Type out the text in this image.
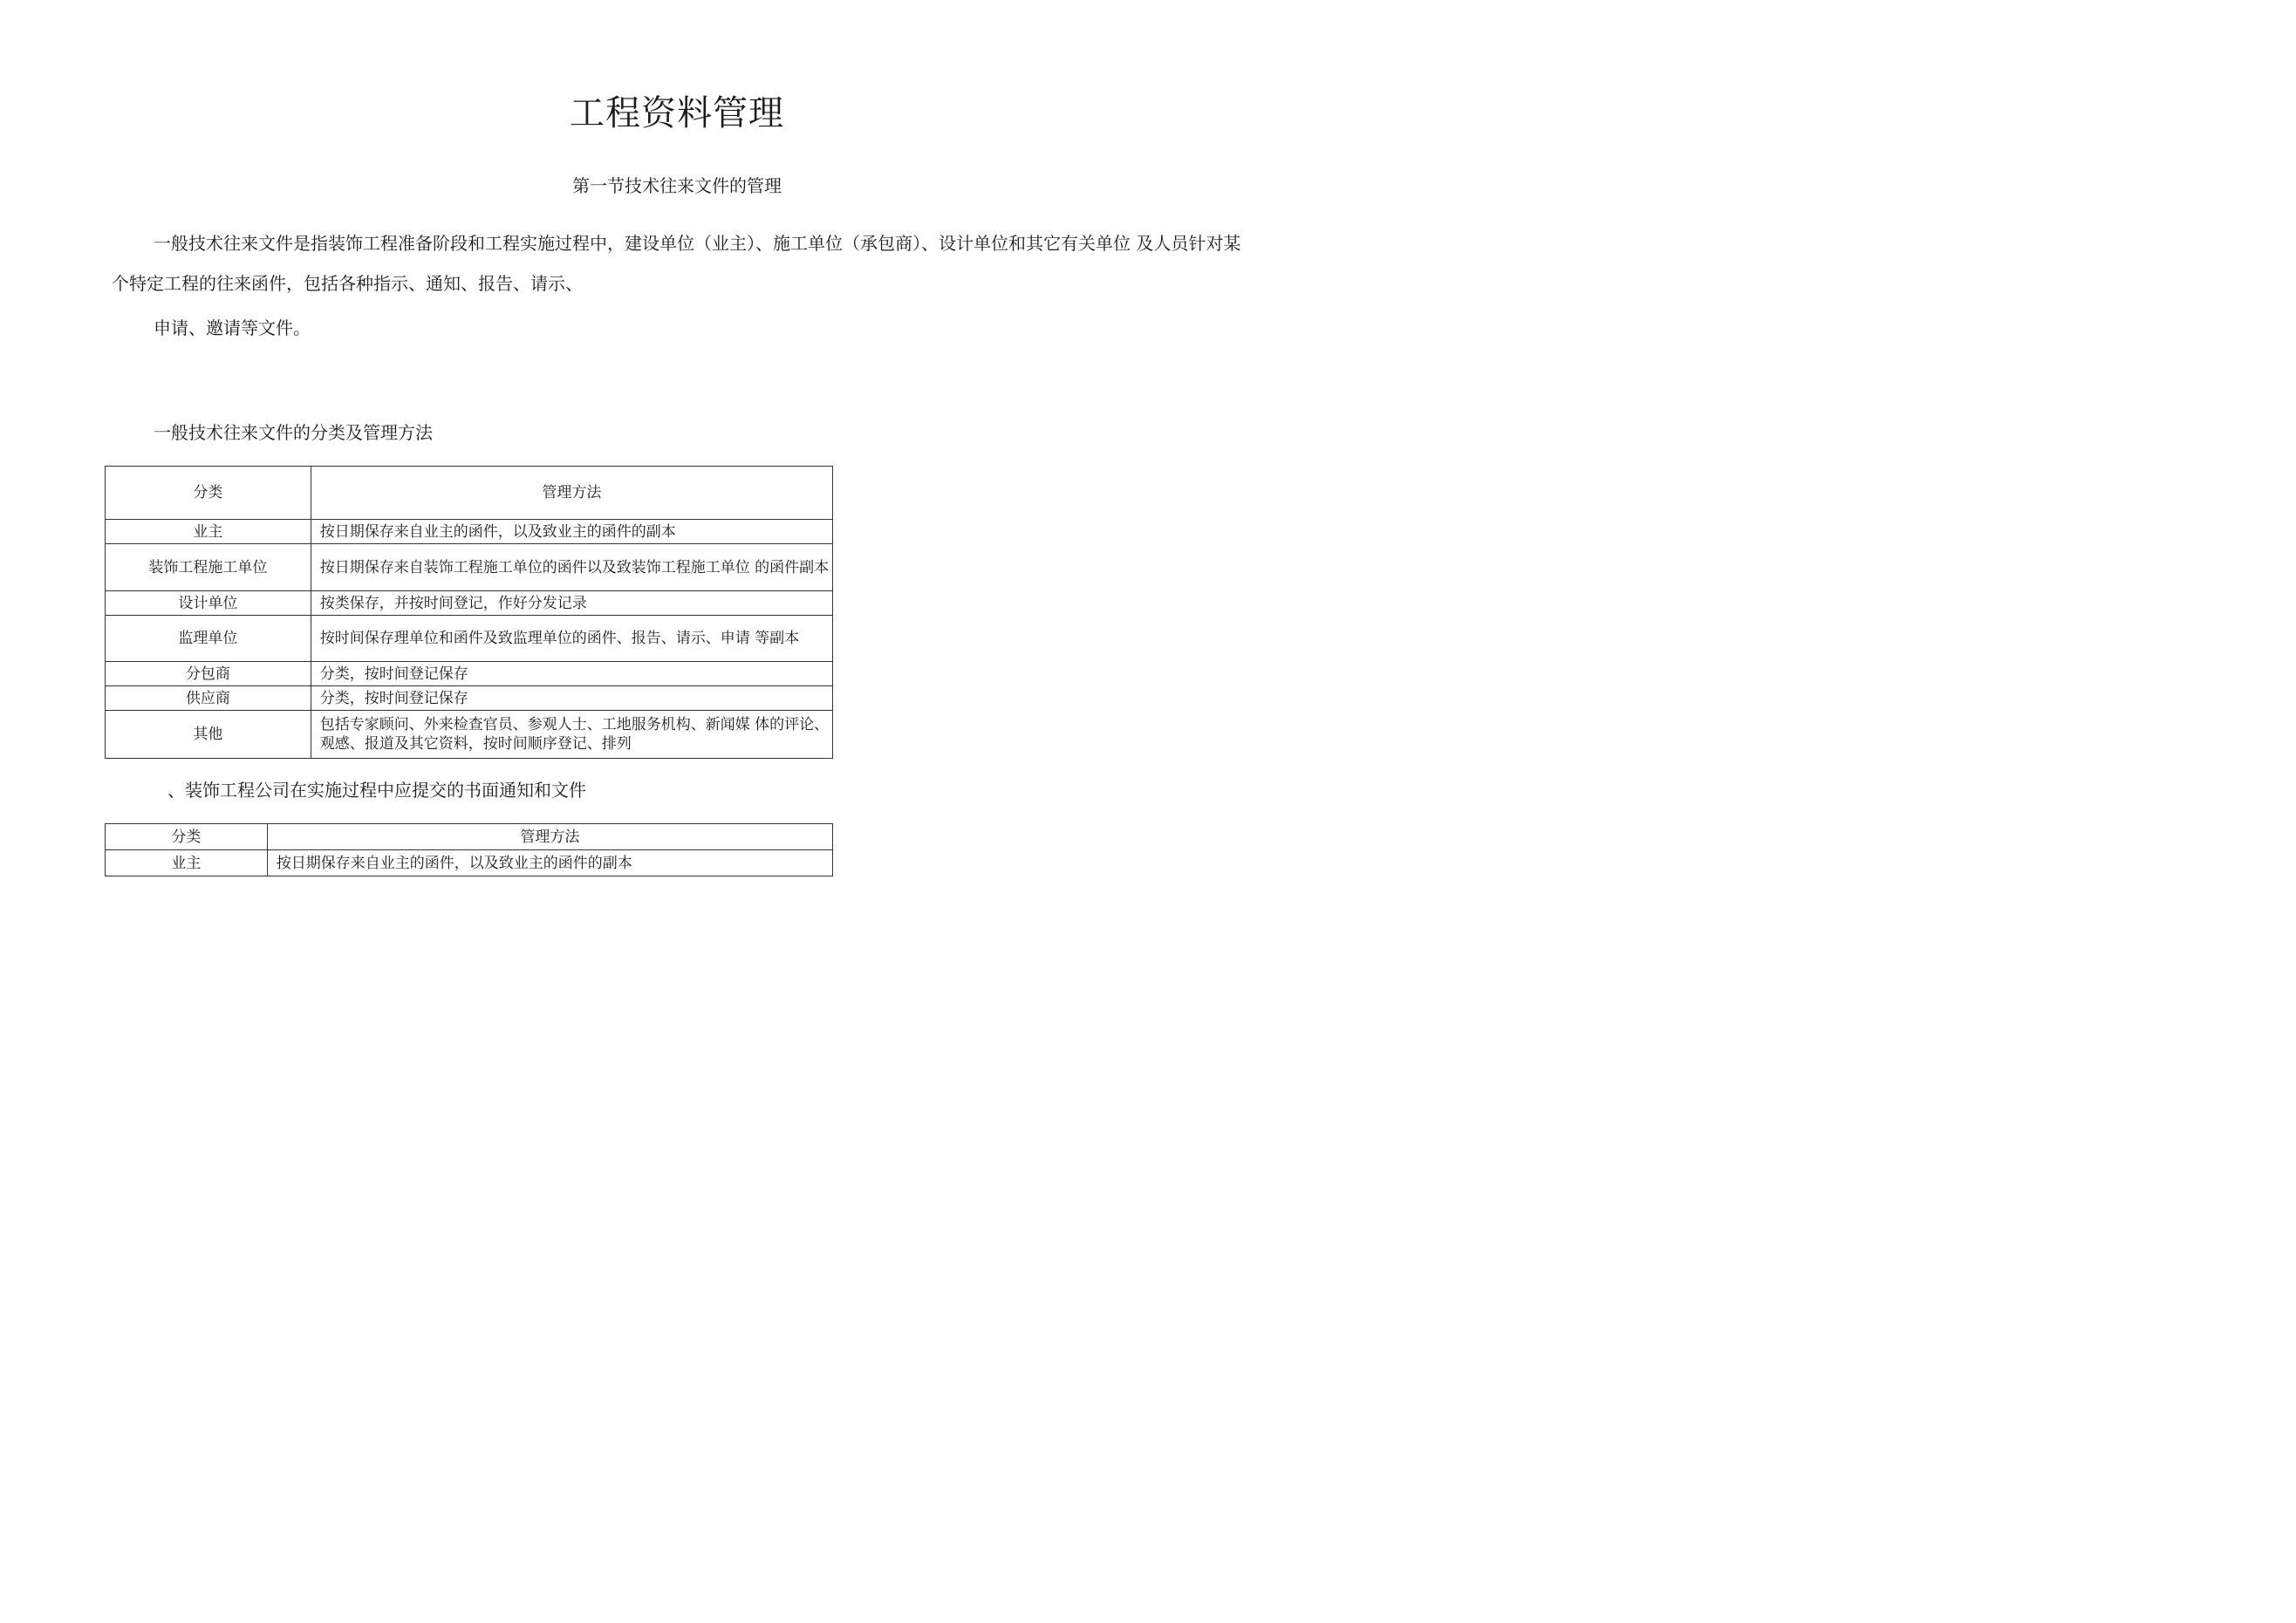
工程资料管理
第一节技术往来文件的管理
一般技术往来文件是指装饰工程准备阶段和工程实施过程中，建设单位（业主）、施工单位（承包商）、设计单位和其它有关单位 及人员针对某个特定工程的往来函件，包括各种指示、通知、报告、请示、
申请、邀请等文件。
一般技术往来文件的分类及管理方法
分类	管理方法
业主	按日期保存来自业主的函件，以及致业主的函件的副本
装饰工程施工单位	按日期保存来自装饰工程施工单位的函件以及致装饰工程施工单位 的函件副本
设计单位	按类保存，并按时间登记，作好分发记录
监理单位	按时间保存理单位和函件及致监理单位的函件、报告、请示、申请 等副本
分包商	分类，按时间登记保存
供应商	分类，按时间登记保存
其他	包括专家顾问、外来检查官员、参观人士、工地服务机构、新闻媒 体的评论、观感、报道及其它资料，按时间顺序登记、排列
、装饰工程公司在实施过程中应提交的书面通知和文件
分类	管理方法
业主	按日期保存来自业主的函件，以及致业主的函件的副本
